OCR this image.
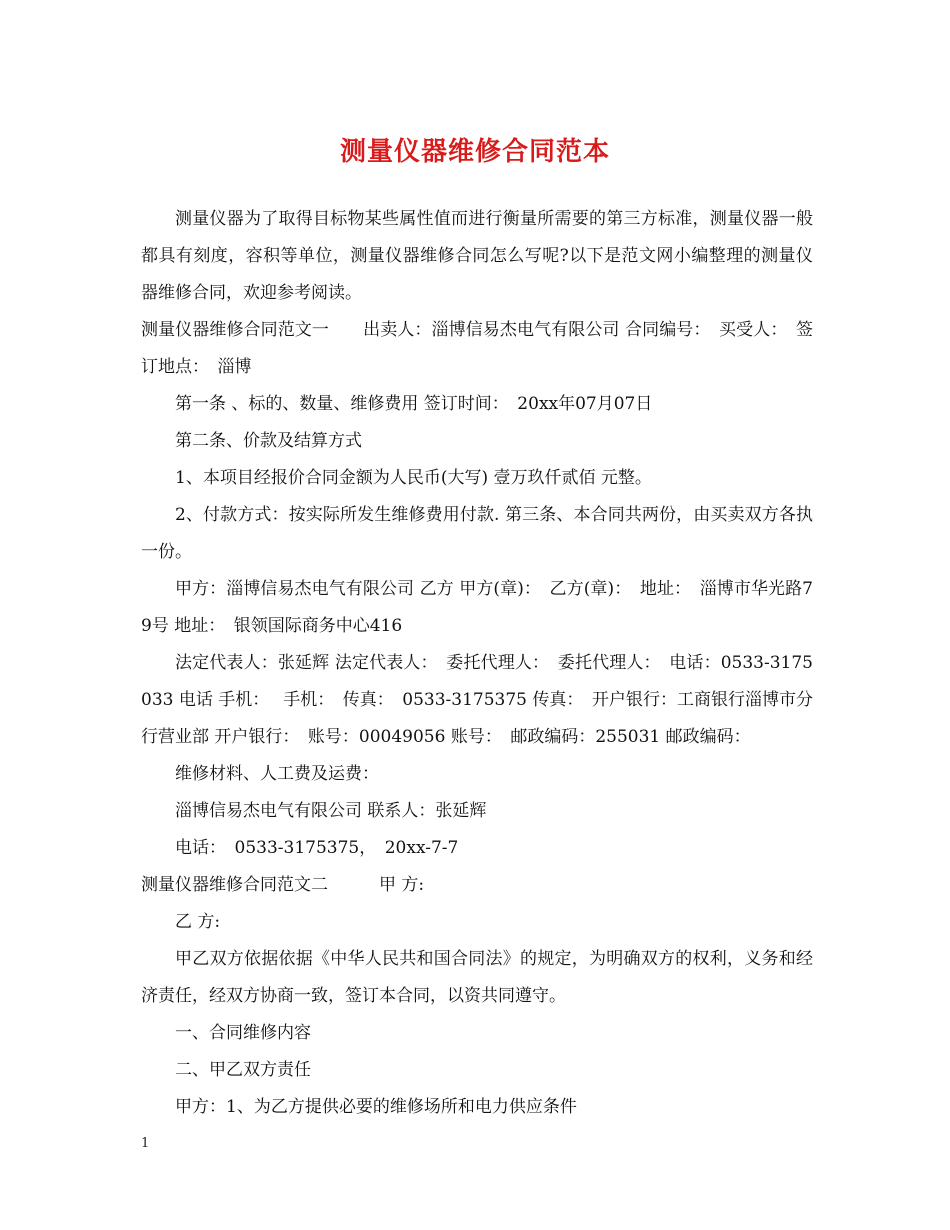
测量仪器维修合同范本

测量仪器为了取得目标物某些属性值而进行衡量所需要的第三方标准，测量仪器一般都具有刻度，容积等单位，测量仪器维修合同怎么写呢?以下是范文网小编整理的测量仪器维修合同，欢迎参考阅读。

测量仪器维修合同范文一　　出卖人：淄博信易杰电气有限公司 合同编号：　买受人：　签订地点：　淄博

第一条 、标的、数量、维修费用 签订时间：　20xx年07月07日

第二条、价款及结算方式

1、本项目经报价合同金额为人民币(大写) 壹万玖仟贰佰 元整。

2、付款方式：按实际所发生维修费用付款. 第三条、本合同共两份，由买卖双方各执一份。

甲方：淄博信易杰电气有限公司 乙方 甲方(章)：　乙方(章)：　地址：　淄博市华光路79号 地址：　银领国际商务中心416

法定代表人：张延辉 法定代表人：　委托代理人：　委托代理人：　电话：0533-3175033 电话 手机：　 手机：　传真：　0533-3175375 传真：　开户银行：工商银行淄博市分行营业部 开户银行：　账号：00049056 账号：　邮政编码：255031 邮政编码：

维修材料、人工费及运费：

淄博信易杰电气有限公司 联系人：张延辉

电话：　0533-3175375，　20xx-7-7

测量仪器维修合同范文二　　　甲 方:

乙 方:

甲乙双方依据依据《中华人民共和国合同法》的规定，为明确双方的权利，义务和经济责任，经双方协商一致，签订本合同，以资共同遵守。

一、合同维修内容

二、甲乙双方责任

甲方：1、为乙方提供必要的维修场所和电力供应条件

1
